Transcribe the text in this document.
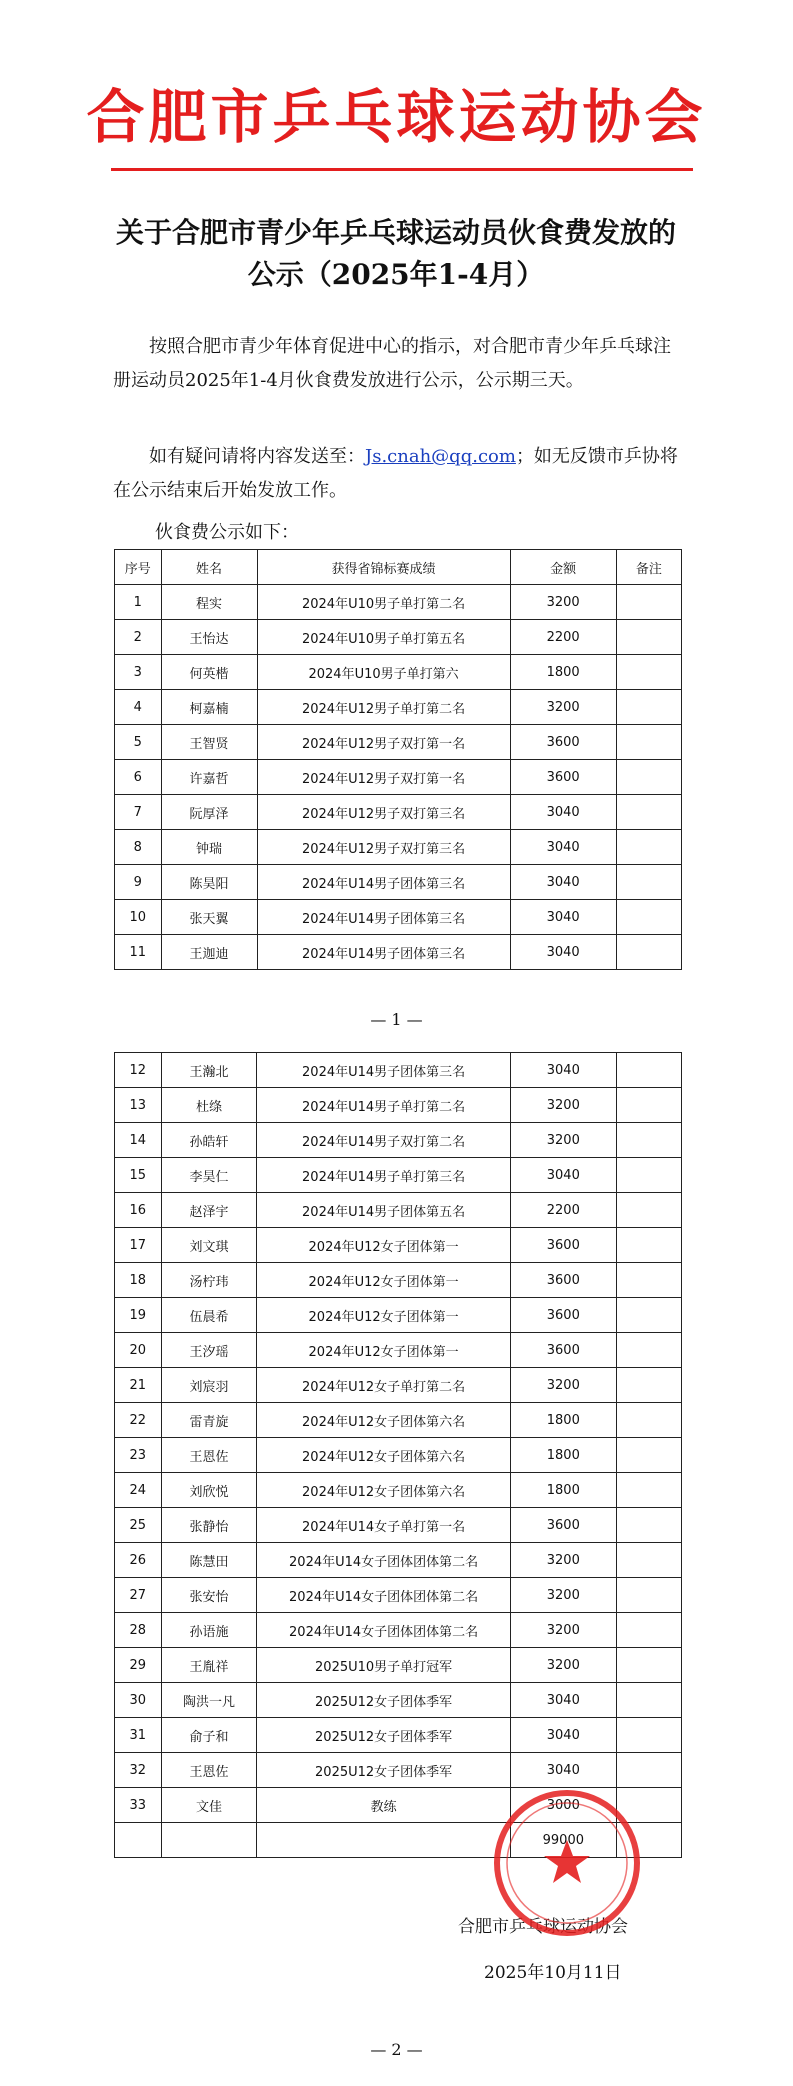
合肥市乒乓球运动协会
关于合肥市青少年乒乓球运动员伙食费发放的公示（2025年1-4月）
按照合肥市青少年体育促进中心的指示，对合肥市青少年乒乓球注册运动员2025年1-4月伙食费发放进行公示，公示期三天。
如有疑问请将内容发送至：Js.cnah@qq.com；如无反馈市乒协将在公示结束后开始发放工作。
伙食费公示如下：
序号	姓名	获得省锦标赛成绩	金额	备注
1	程实	2024年U10男子单打第二名	3200	
2	王怡达	2024年U10男子单打第五名	2200	
3	何英楷	2024年U10男子单打第六	1800	
4	柯嘉楠	2024年U12男子单打第二名	3200	
5	王智贤	2024年U12男子双打第一名	3600	
6	许嘉哲	2024年U12男子双打第一名	3600	
7	阮厚泽	2024年U12男子双打第三名	3040	
8	钟瑞	2024年U12男子双打第三名	3040	
9	陈昊阳	2024年U14男子团体第三名	3040	
10	张天翼	2024年U14男子团体第三名	3040	
11	王迦迪	2024年U14男子团体第三名	3040	
— 1 —
12	王瀚北	2024年U14男子团体第三名	3040	
13	杜绦	2024年U14男子单打第二名	3200	
14	孙皓轩	2024年U14男子双打第二名	3200	
15	李昊仁	2024年U14男子单打第三名	3040	
16	赵泽宇	2024年U14男子团体第五名	2200	
17	刘文琪	2024年U12女子团体第一	3600	
18	汤柠玮	2024年U12女子团体第一	3600	
19	伍晨希	2024年U12女子团体第一	3600	
20	王汐瑶	2024年U12女子团体第一	3600	
21	刘宸羽	2024年U12女子单打第二名	3200	
22	雷青旋	2024年U12女子团体第六名	1800	
23	王恩佐	2024年U12女子团体第六名	1800	
24	刘欣悦	2024年U12女子团体第六名	1800	
25	张静怡	2024年U14女子单打第一名	3600	
26	陈慧田	2024年U14女子团体团体第二名	3200	
27	张安怡	2024年U14女子团体团体第二名	3200	
28	孙语施	2024年U14女子团体团体第二名	3200	
29	王胤祥	2025U10男子单打冠军	3200	
30	陶洪一凡	2025U12女子团体季军	3040	
31	俞子和	2025U12女子团体季军	3040	
32	王恩佐	2025U12女子团体季军	3040	
33	文佳	教练	3000	
			99000	
合肥市乒乓球运动协会
2025年10月11日
— 2 —
